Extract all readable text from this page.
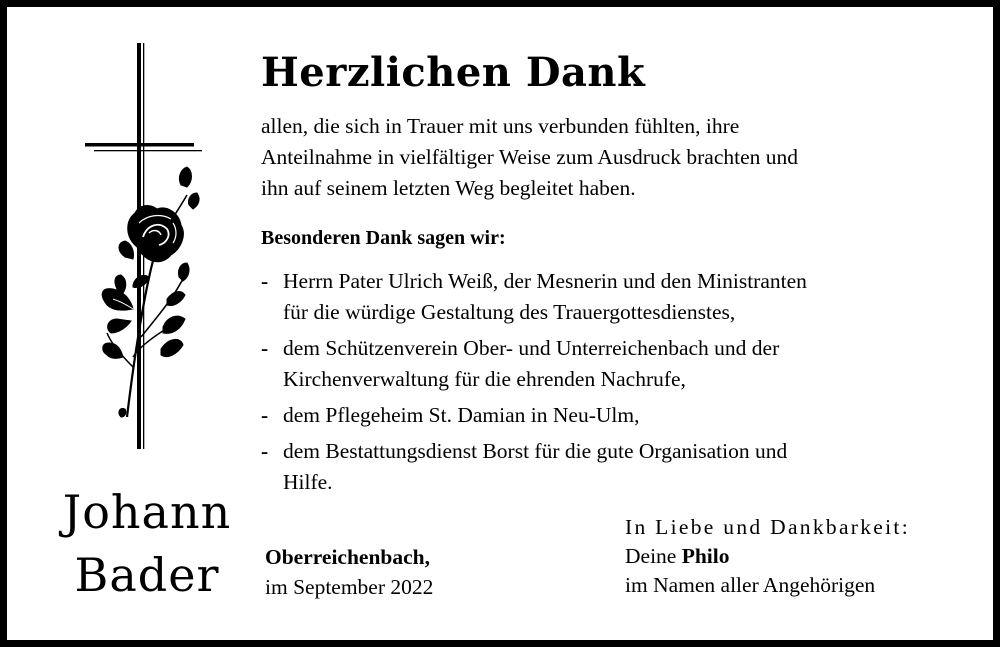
Herzlichen Dank
allen, die sich in Trauer mit uns verbunden fühlten, ihre
Anteilnahme in vielfältiger Weise zum Ausdruck brachten und
ihn auf seinem letzten Weg begleitet haben.
Besonderen Dank sagen wir:
- Herrn Pater Ulrich Weiß, der Mesnerin und den Ministranten
für die würdige Gestaltung des Trauergottesdienstes,
- dem Schützenverein Ober- und Unterreichenbach und der
Kirchenverwaltung für die ehrenden Nachrufe,
- dem Pflegeheim St. Damian in Neu-Ulm,
- dem Bestattungsdienst Borst für die gute Organisation und
Hilfe.
Johann
Bader	Oberreichenbach,
im September 2022
In Liebe und Dankbarkeit:
Deine Philo
im Namen aller Angehörigen
